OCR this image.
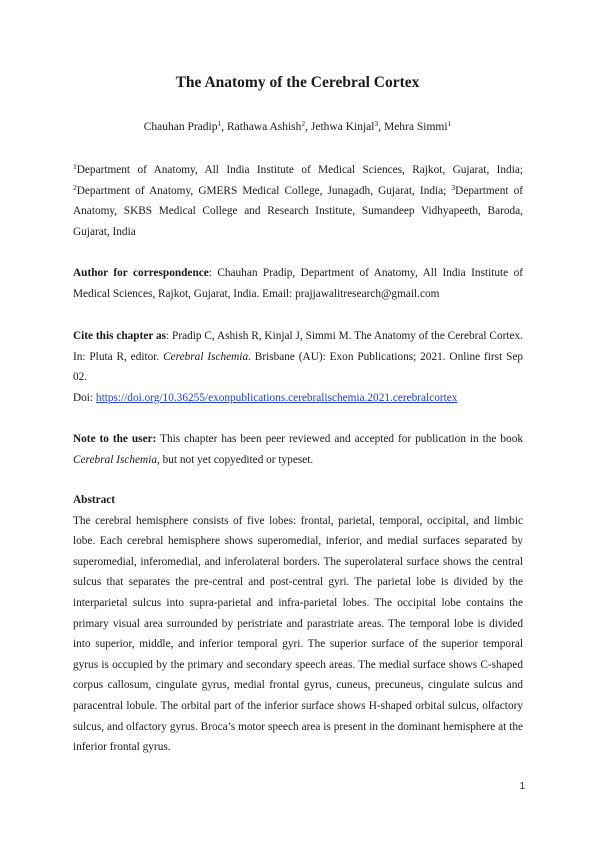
The Anatomy of the Cerebral Cortex
Chauhan Pradip$^1$, Rathawa Ashish$^2$, Jethwa Kinjal$^3$, Mehra Simmi$^1$

$^1$Department of Anatomy, All India Institute of Medical Sciences, Rajkot, Gujarat, India; $^2$Department of Anatomy, GMERS Medical College, Junagadh, Gujarat, India; $^3$Department of Anatomy, SKBS Medical College and Research Institute, Sumandeep Vidhyapeeth, Baroda, Gujarat, India

Author for correspondence: Chauhan Pradip, Department of Anatomy, All India Institute of Medical Sciences, Rajkot, Gujarat, India. Email: prajjawalitresearch@gmail.com

Cite this chapter as: Pradip C, Ashish R, Kinjal J, Simmi M. The Anatomy of the Cerebral Cortex. In: Pluta R, editor. Cerebral Ischemia. Brisbane (AU): Exon Publications; 2021. Online first Sep 02.

Doi: https://doi.org/10.36255/exonpublications.cerebralischemia.2021.cerebralcortex

Note to the user: This chapter has been peer reviewed and accepted for publication in the book Cerebral Ischemia, but not yet copyedited or typeset.

Abstract

The cerebral hemisphere consists of five lobes: frontal, parietal, temporal, occipital, and limbic lobe. Each cerebral hemisphere shows superomedial, inferior, and medial surfaces separated by superomedial, inferomedial, and inferolateral borders. The superolateral surface shows the central sulcus that separates the pre-central and post-central gyri. The parietal lobe is divided by the interparietal sulcus into supra-parietal and infra-parietal lobes. The occipital lobe contains the primary visual area surrounded by peristriate and parastriate areas. The temporal lobe is divided into superior, middle, and inferior temporal gyri. The superior surface of the superior temporal gyrus is occupied by the primary and secondary speech areas. The medial surface shows C-shaped corpus callosum, cingulate gyrus, medial frontal gyrus, cuneus, precuneus, cingulate sulcus and paracentral lobule. The orbital part of the inferior surface shows H-shaped orbital sulcus, olfactory sulcus, and olfactory gyrus. Broca’s motor speech area is present in the dominant hemisphere at the inferior frontal gyrus.

1
